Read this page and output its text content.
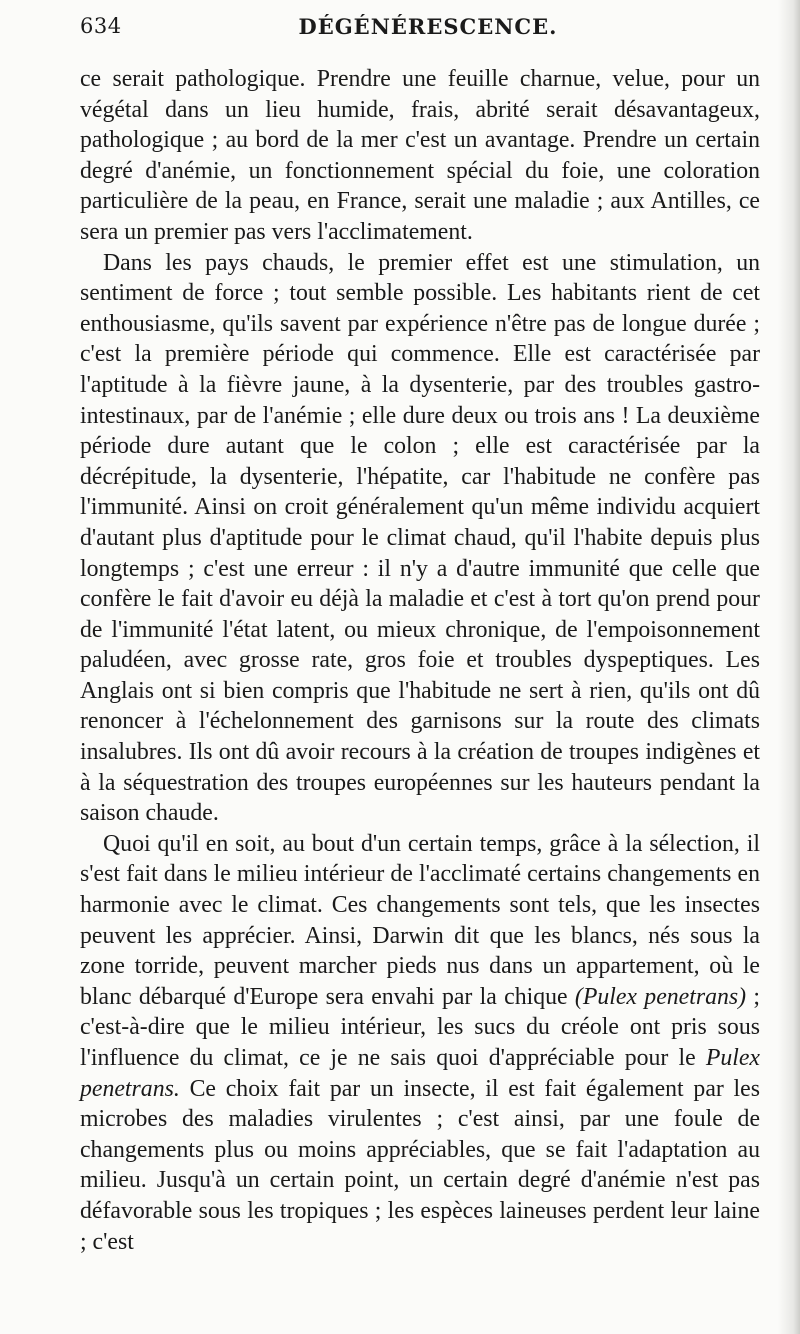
634	DÉGÉNÉRESCENCE.

ce serait pathologique. Prendre une feuille charnue, velue, pour un végétal dans un lieu humide, frais, abrité serait désavantageux, pathologique ; au bord de la mer c'est un avantage. Prendre un certain degré d'anémie, un fonctionnement spécial du foie, une coloration particulière de la peau, en France, serait une maladie ; aux Antilles, ce sera un premier pas vers l'acclimatement.

Dans les pays chauds, le premier effet est une stimulation, un sentiment de force ; tout semble possible. Les habitants rient de cet enthousiasme, qu'ils savent par expérience n'être pas de longue durée ; c'est la première période qui commence. Elle est caractérisée par l'aptitude à la fièvre jaune, à la dysenterie, par des troubles gastro-intestinaux, par de l'anémie ; elle dure deux ou trois ans ! La deuxième période dure autant que le colon ; elle est caractérisée par la décrépitude, la dysenterie, l'hépatite, car l'habitude ne confère pas l'immunité. Ainsi on croit généralement qu'un même individu acquiert d'autant plus d'aptitude pour le climat chaud, qu'il l'habite depuis plus longtemps ; c'est une erreur : il n'y a d'autre immunité que celle que confère le fait d'avoir eu déjà la maladie et c'est à tort qu'on prend pour de l'immunité l'état latent, ou mieux chronique, de l'empoisonnement paludéen, avec grosse rate, gros foie et troubles dyspeptiques. Les Anglais ont si bien compris que l'habitude ne sert à rien, qu'ils ont dû renoncer à l'échelonnement des garnisons sur la route des climats insalubres. Ils ont dû avoir recours à la création de troupes indigènes et à la séquestration des troupes européennes sur les hauteurs pendant la saison chaude.

Quoi qu'il en soit, au bout d'un certain temps, grâce à la sélection, il s'est fait dans le milieu intérieur de l'acclimaté certains changements en harmonie avec le climat. Ces changements sont tels, que les insectes peuvent les apprécier. Ainsi, Darwin dit que les blancs, nés sous la zone torride, peuvent marcher pieds nus dans un appartement, où le blanc débarqué d'Europe sera envahi par la chique (Pulex penetrans) ; c'est-à-dire que le milieu intérieur, les sucs du créole ont pris sous l'influence du climat, ce je ne sais quoi d'appréciable pour le Pulex penetrans. Ce choix fait par un insecte, il est fait également par les microbes des maladies virulentes ; c'est ainsi, par une foule de changements plus ou moins appréciables, que se fait l'adaptation au milieu. Jusqu'à un certain point, un certain degré d'anémie n'est pas défavorable sous les tropiques ; les espèces laineuses perdent leur laine ; c'est
